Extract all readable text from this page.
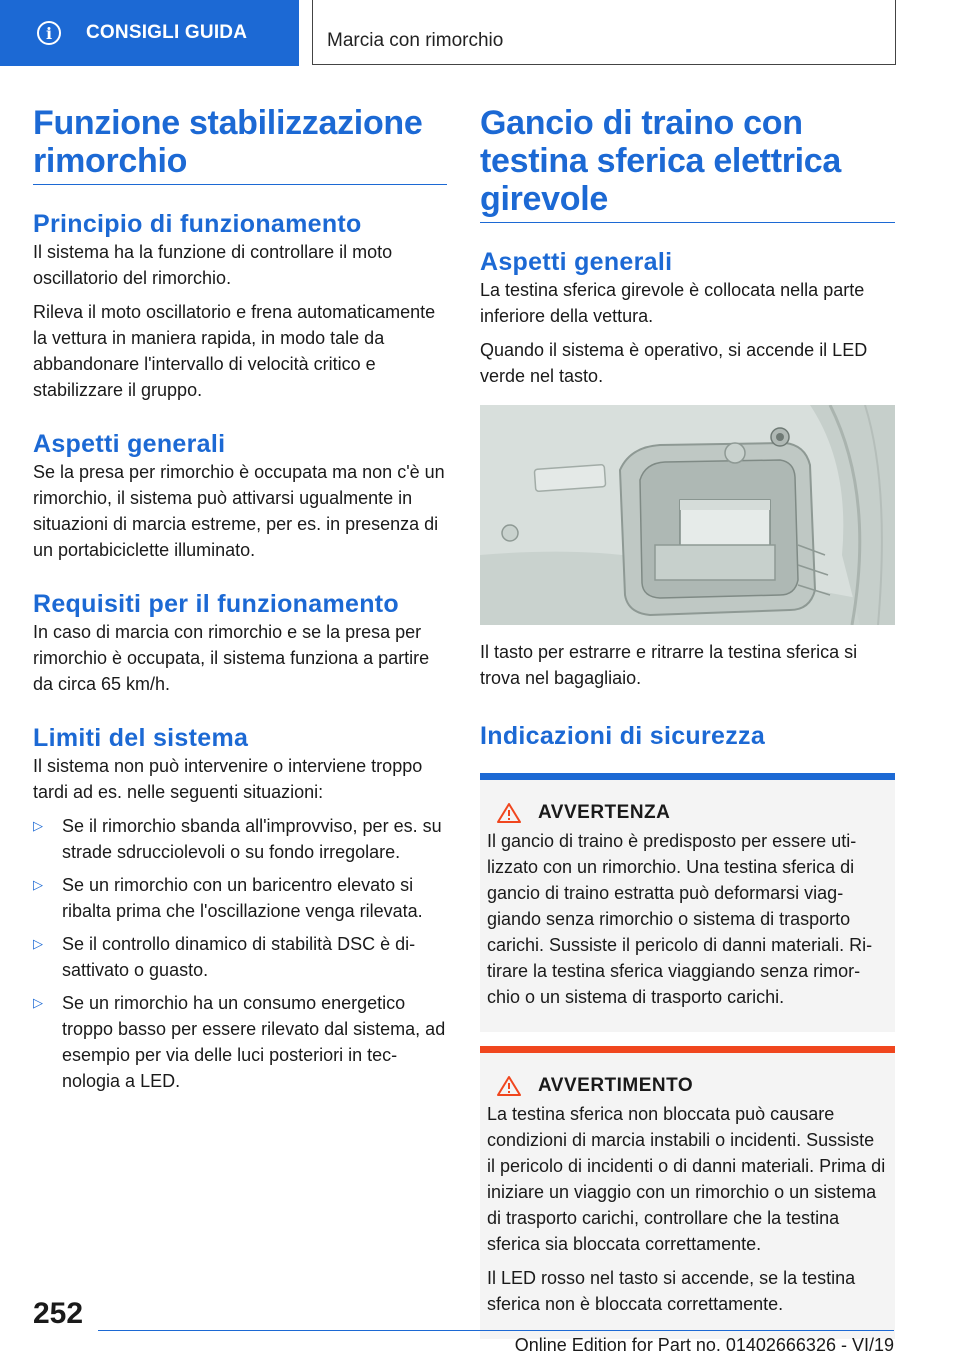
i	CONSIGLI GUIDA	Marcia con rimorchio
Funzione stabilizzazione rimorchio
Principio di funzionamento

Il sistema ha la funzione di controllare il moto oscillatorio del rimorchio.

Rileva il moto oscillatorio e frena automaticamente la vettura in maniera rapida, in modo tale da abbandonare l'intervallo di velocità critico e stabilizzare il gruppo.

Aspetti generali

Se la presa per rimorchio è occupata ma non c'è un rimorchio, il sistema può attivarsi ugualmente in situazioni di marcia estreme, per es. in presenza di un portabiciclette illuminato.

Requisiti per il funzionamento

In caso di marcia con rimorchio e se la presa per rimorchio è occupata, il sistema funziona a partire da circa 65 km/h.

Limiti del sistema

Il sistema non può intervenire o interviene troppo tardi ad es. nelle seguenti situazioni:

▷ Se il rimorchio sbanda all'improvviso, per es. su strade sdrucciolevoli o su fondo irregolare.
▷ Se un rimorchio con un baricentro elevato si ribalta prima che l'oscillazione venga rilevata.
▷ Se il controllo dinamico di stabilità DSC è disattivato o guasto.
▷ Se un rimorchio ha un consumo energetico troppo basso per essere rilevato dal sistema, ad esempio per via delle luci posteriori in tecnologia a LED.
Gancio di traino con testina sferica elettrica girevole
Aspetti generali

La testina sferica girevole è collocata nella parte inferiore della vettura.

Quando il sistema è operativo, si accende il LED verde nel tasto.

Il tasto per estrarre e ritrarre la testina sferica si trova nel bagagliaio.

Indicazioni di sicurezza
AVVERTENZA

Il gancio di traino è predisposto per essere utilizzato con un rimorchio. Una testina sferica di gancio di traino estratta può deformarsi viaggiando senza rimorchio o sistema di trasporto carichi. Sussiste il pericolo di danni materiali. Ritirare la testina sferica viaggiando senza rimorchio o un sistema di trasporto carichi.

AVVERTIMENTO

La testina sferica non bloccata può causare condizioni di marcia instabili o incidenti. Sussiste il pericolo di incidenti o di danni materiali. Prima di iniziare un viaggio con un rimorchio o un sistema di trasporto carichi, controllare che la testina sferica sia bloccata correttamente.

Il LED rosso nel tasto si accende, se la testina sferica non è bloccata correttamente.

252
Online Edition for Part no. 01402666326 - VI/19
